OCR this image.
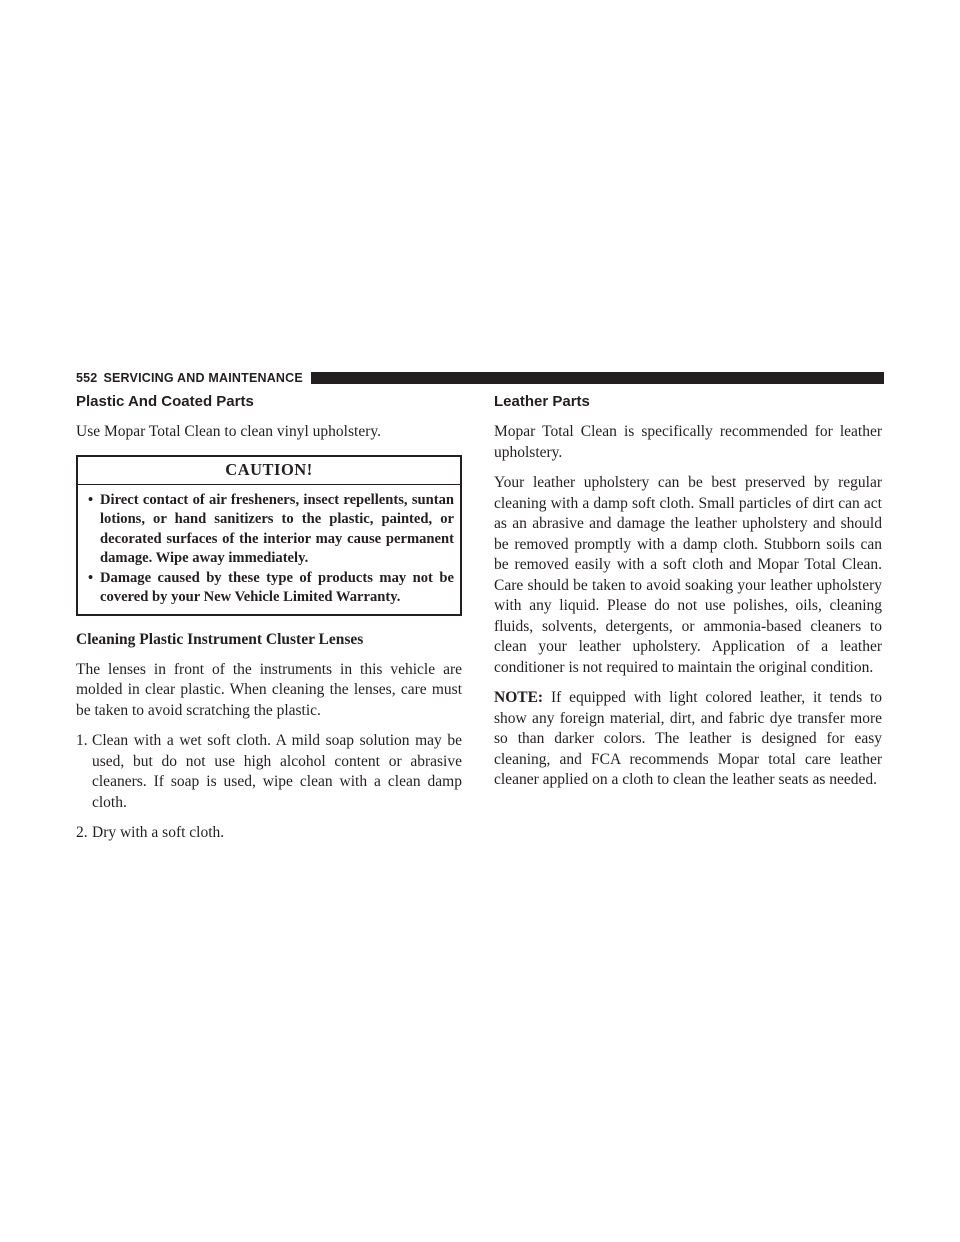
552 SERVICING AND MAINTENANCE
Plastic And Coated Parts

Use Mopar Total Clean to clean vinyl upholstery.

CAUTION!
• Direct contact of air fresheners, insect repellents, suntan lotions, or hand sanitizers to the plastic, painted, or decorated surfaces of the interior may cause permanent damage. Wipe away immediately.
• Damage caused by these type of products may not be covered by your New Vehicle Limited Warranty.
Cleaning Plastic Instrument Cluster Lenses

The lenses in front of the instruments in this vehicle are molded in clear plastic. When cleaning the lenses, care must be taken to avoid scratching the plastic.

1. Clean with a wet soft cloth. A mild soap solution may be used, but do not use high alcohol content or abrasive cleaners. If soap is used, wipe clean with a clean damp cloth.
2. Dry with a soft cloth.
Leather Parts

Mopar Total Clean is specifically recommended for leather upholstery.

Your leather upholstery can be best preserved by regular cleaning with a damp soft cloth. Small particles of dirt can act as an abrasive and damage the leather upholstery and should be removed promptly with a damp cloth. Stubborn soils can be removed easily with a soft cloth and Mopar Total Clean. Care should be taken to avoid soaking your leather upholstery with any liquid. Please do not use polishes, oils, cleaning fluids, solvents, detergents, or ammonia-based cleaners to clean your leather upholstery. Application of a leather conditioner is not required to maintain the original condition.

NOTE: If equipped with light colored leather, it tends to show any foreign material, dirt, and fabric dye transfer more so than darker colors. The leather is designed for easy cleaning, and FCA recommends Mopar total care leather cleaner applied on a cloth to clean the leather seats as needed.
